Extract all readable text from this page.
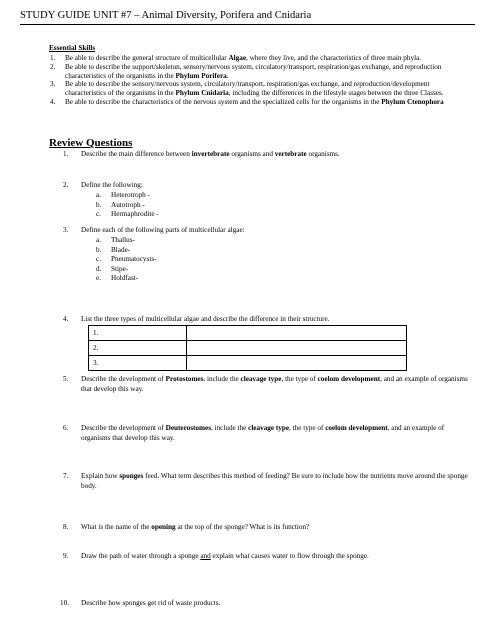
STUDY GUIDE UNIT #7 – Animal Diversity, Porifera and Cnidaria
Essential Skills
1.	Be able to describe the general structure of multicellular Algae, where they live, and the characteristics of three main phyla.
2.	Be able to describe the support/skeleton, sensory/nervous system, circulatory/transport, respiration/gas exchange, and reproduction characteristics of the organisms in the Phylum Porifera.
3.	Be able to describe the sensory/nervous system, circulatory/transport, respiration/gas exchange, and reproduction/development characteristics of the organisms in the Phylum Cnidaria, including the differences in the lifestyle stages between the three Classes.
4.	Be able to describe the characteristics of the nervous system and the specialized cells for the organisms in the Phylum Ctenophora
Review Questions
1.	Describe the main difference between invertebrate organisms and vertebrate organisms.
2.	Define the following:
a.	Heterotroph -
b.	Autotroph -
c.	Hermaphrodite -
3.	Define each of the following parts of multicellular algae:
a.	Thallus-
b.	Blade-
c.	Pneumatocysts-
d.	Stipe-
e.	Holdfast-
4.	List the three types of multicellular algae and describe the difference in their structure.
1.	
2.	
3.	
5.	Describe the development of Protostomes, include the cleavage type, the type of coelom development, and an example of organisms that develop this way.
6.	Describe the development of Deuterostomes, include the cleavage type, the type of coelom development, and an example of organisms that develop this way.
7.	Explain how sponges feed. What term describes this method of feeding? Be sure to include how the nutrients move around the sponge body.
8.	What is the name of the opening at the top of the sponge? What is its function?
9.	Draw the path of water through a sponge and explain what causes water to flow through the sponge.
10.	Describe how sponges get rid of waste products.
